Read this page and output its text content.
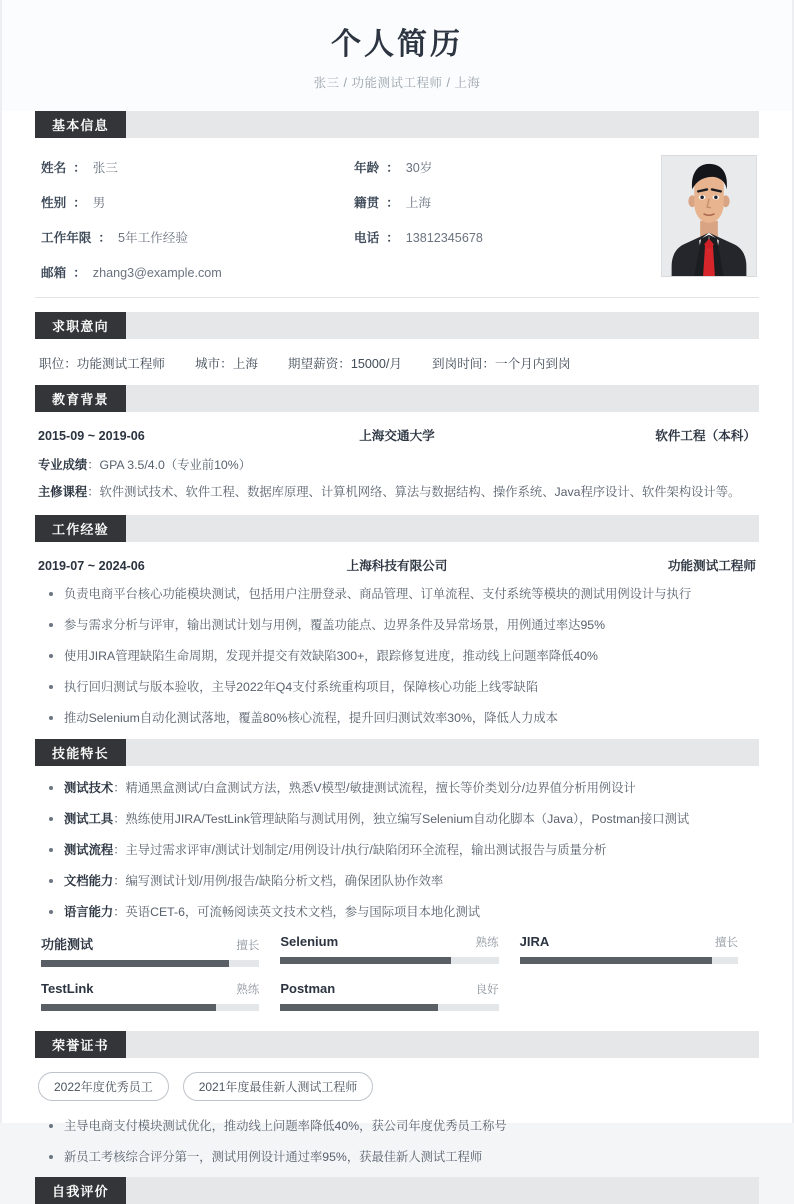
个人简历
张三 / 功能测试工程师 / 上海
基本信息
姓名 ： 张三
性别 ： 男
工作年限 ： 5年工作经验
邮箱 ： zhang3@example.com
年龄 ： 30岁
籍贯 ： 上海
电话 ： 13812345678
求职意向
职位：功能测试工程师 城市：上海 期望薪资：15000/月 到岗时间：一个月内到岗
教育背景
2015-09 ~ 2019-06	上海交通大学	软件工程（本科）
专业成绩：GPA 3.5/4.0（专业前10%）
主修课程：软件测试技术、软件工程、数据库原理、计算机网络、算法与数据结构、操作系统、Java程序设计、软件架构设计等。
工作经验
2019-07 ~ 2024-06	上海科技有限公司	功能测试工程师
负责电商平台核心功能模块测试，包括用户注册登录、商品管理、订单流程、支付系统等模块的测试用例设计与执行
参与需求分析与评审，输出测试计划与用例，覆盖功能点、边界条件及异常场景，用例通过率达95%
使用JIRA管理缺陷生命周期，发现并提交有效缺陷300+，跟踪修复进度，推动线上问题率降低40%
执行回归测试与版本验收，主导2022年Q4支付系统重构项目，保障核心功能上线零缺陷
推动Selenium自动化测试落地，覆盖80%核心流程，提升回归测试效率30%，降低人力成本
技能特长
测试技术：精通黑盒测试/白盒测试方法，熟悉V模型/敏捷测试流程，擅长等价类划分/边界值分析用例设计
测试工具：熟练使用JIRA/TestLink管理缺陷与测试用例，独立编写Selenium自动化脚本（Java），Postman接口测试
测试流程：主导过需求评审/测试计划制定/用例设计/执行/缺陷闭环全流程，输出测试报告与质量分析
文档能力：编写测试计划/用例/报告/缺陷分析文档，确保团队协作效率
语言能力：英语CET-6，可流畅阅读英文技术文档，参与国际项目本地化测试
功能测试	擅长 Selenium	熟练 JIRA	擅长
TestLink	熟练 Postman	良好
荣誉证书
2022年度优秀员工	2021年度最佳新人测试工程师
主导电商支付模块测试优化，推动线上问题率降低40%，获公司年度优秀员工称号
新员工考核综合评分第一，测试用例设计通过率95%，获最佳新人测试工程师
自我评价
